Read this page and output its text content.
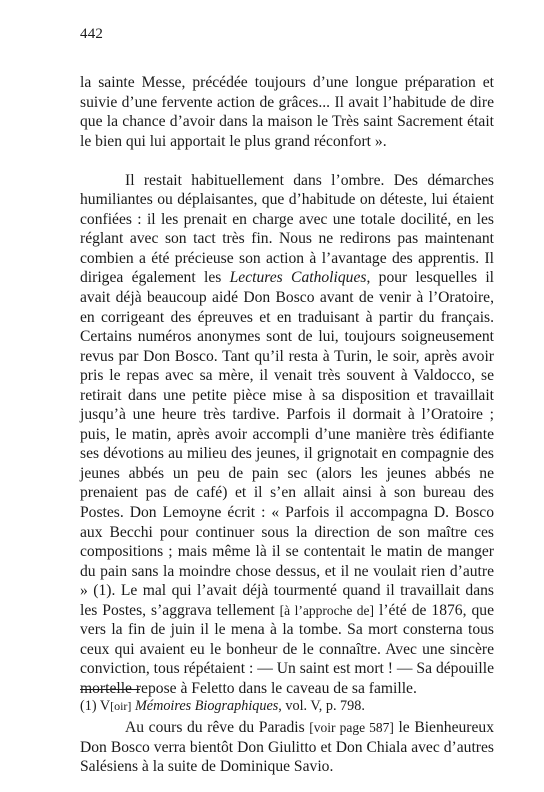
442

la sainte Messe, précédée toujours d’une longue préparation et suivie d’une fervente action de grâces... Il avait l’habitude de dire que la chance d’avoir dans la maison le Très saint Sacrement était le bien qui lui apportait le plus grand réconfort ».

Il restait habituellement dans l’ombre. Des démarches humiliantes ou déplaisantes, que d’habitude on déteste, lui étaient confiées : il les prenait en charge avec une totale docilité, en les réglant avec son tact très fin. Nous ne redirons pas maintenant combien a été précieuse son action à l’avantage des apprentis. Il dirigea également les Lectures Catholiques, pour lesquelles il avait déjà beaucoup aidé Don Bosco avant de venir à l’Oratoire, en corrigeant des épreuves et en traduisant à partir du français. Certains numéros anonymes sont de lui, toujours soigneusement revus par Don Bosco. Tant qu’il resta à Turin, le soir, après avoir pris le repas avec sa mère, il venait très souvent à Valdocco, se retirait dans une petite pièce mise à sa disposition et travaillait jusqu’à une heure très tardive. Parfois il dormait à l’Oratoire ; puis, le matin, après avoir accompli d’une manière très édifiante ses dévotions au milieu des jeunes, il grignotait en compagnie des jeunes abbés un peu de pain sec (alors les jeunes abbés ne prenaient pas de café) et il s’en allait ainsi à son bureau des Postes. Don Lemoyne écrit : « Parfois il accompagna D. Bosco aux Becchi pour continuer sous la direction de son maître ces compositions ; mais même là il se contentait le matin de manger du pain sans la moindre chose dessus, et il ne voulait rien d’autre » (1). Le mal qui l’avait déjà tourmenté quand il travaillait dans les Postes, s’aggrava tellement [à l’approche de] l’été de 1876, que vers la fin de juin il le mena à la tombe. Sa mort consterna tous ceux qui avaient eu le bonheur de le connaître. Avec une sincère conviction, tous répétaient : — Un saint est mort ! — Sa dépouille mortelle repose à Feletto dans le caveau de sa famille.

Au cours du rêve du Paradis [voir page 587] le Bienheureux Don Bosco verra bientôt Don Giulitto et Don Chiala avec d’autres Salésiens à la suite de Dominique Savio.

(1) V[oir] Mémoires Biographiques, vol. V, p. 798.
